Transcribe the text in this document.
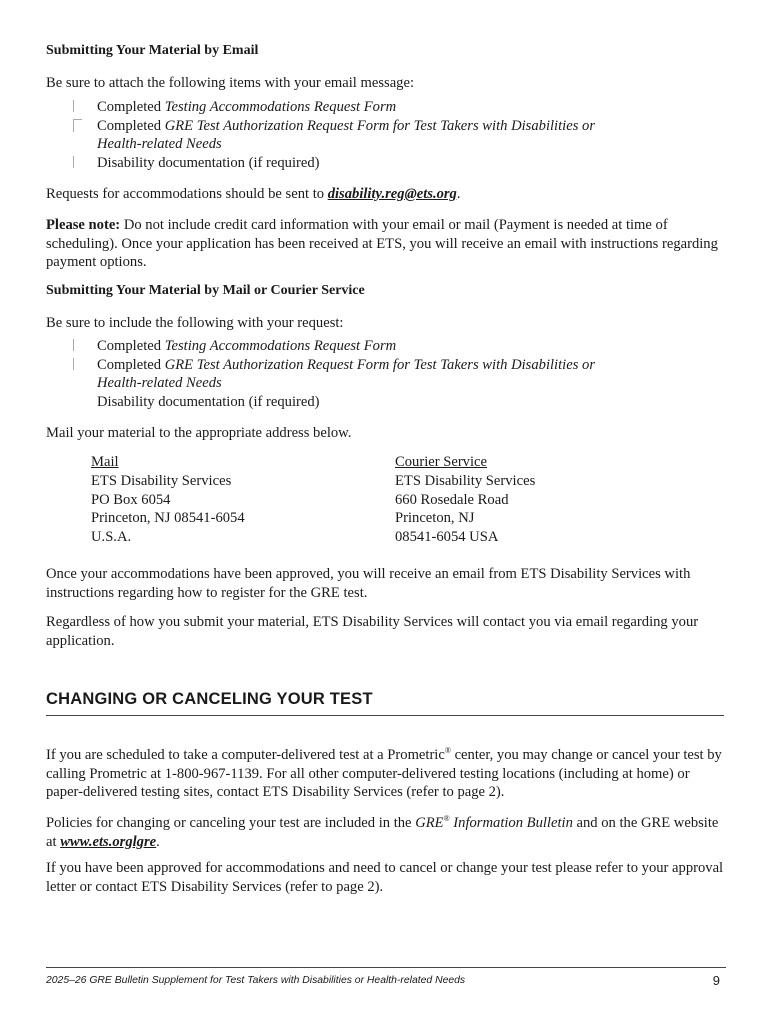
Submitting Your Material by Email
Be sure to attach the following items with your email message:
Completed Testing Accommodations Request Form
Completed GRE Test Authorization Request Form for Test Takers with Disabilities or
Health-related Needs
Disability documentation (if required)
Requests for accommodations should be sent to disability.reg@ets.org.
Please note: Do not include credit card information with your email or mail (Payment is needed at time of scheduling). Once your application has been received at ETS, you will receive an email with instructions regarding payment options.
Submitting Your Material by Mail or Courier Service
Be sure to include the following with your request:
Completed Testing Accommodations Request Form
Completed GRE Test Authorization Request Form for Test Takers with Disabilities or
Health-related Needs
Disability documentation (if required)
Mail your material to the appropriate address below.
Mail
ETS Disability Services
PO Box 6054
Princeton, NJ 08541-6054
U.S.A.
Courier Service
ETS Disability Services
660 Rosedale Road
Princeton, NJ
08541-6054 USA
Once your accommodations have been approved, you will receive an email from ETS Disability Services with instructions regarding how to register for the GRE test.
Regardless of how you submit your material, ETS Disability Services will contact you via email regarding your application.
CHANGING OR CANCELING YOUR TEST
If you are scheduled to take a computer-delivered test at a Prometric® center, you may change or cancel your test by calling Prometric at 1-800-967-1139. For all other computer-delivered testing locations (including at home) or paper-delivered testing sites, contact ETS Disability Services (refer to page 2).
Policies for changing or canceling your test are included in the GRE® Information Bulletin and on the GRE website at www.ets.orglgre.
If you have been approved for accommodations and need to cancel or change your test please refer to your approval letter or contact ETS Disability Services (refer to page 2).
2025–26 GRE Bulletin Supplement for Test Takers with Disabilities or Health-related Needs	9
